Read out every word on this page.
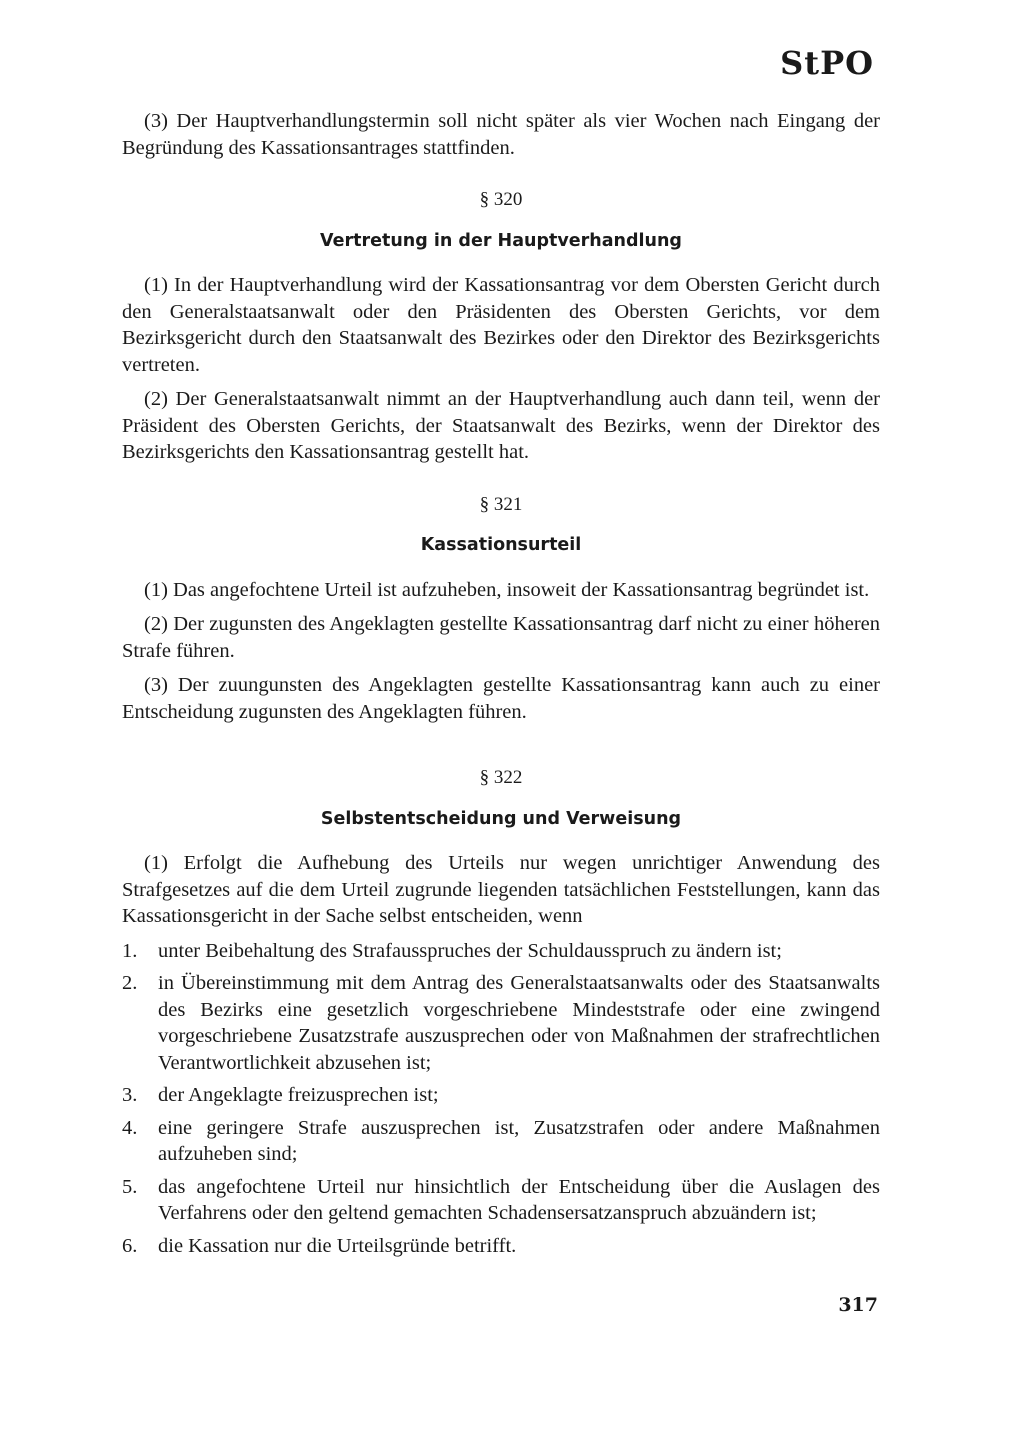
StPO

(3) Der Hauptverhandlungstermin soll nicht später als vier Wochen nach Eingang der Begründung des Kassationsantrages stattfinden.

§ 320
Vertretung in der Hauptverhandlung

(1) In der Hauptverhandlung wird der Kassationsantrag vor dem Obersten Gericht durch den Generalstaatsanwalt oder den Präsidenten des Obersten Gerichts, vor dem Bezirksgericht durch den Staatsanwalt des Bezirkes oder den Direktor des Bezirksgerichts vertreten.

(2) Der Generalstaatsanwalt nimmt an der Hauptverhandlung auch dann teil, wenn der Präsident des Obersten Gerichts, der Staatsanwalt des Bezirks, wenn der Direktor des Bezirksgerichts den Kassationsantrag gestellt hat.

§ 321
Kassationsurteil

(1) Das angefochtene Urteil ist aufzuheben, insoweit der Kassationsantrag begründet ist.

(2) Der zugunsten des Angeklagten gestellte Kassationsantrag darf nicht zu einer höheren Strafe führen.

(3) Der zuungunsten des Angeklagten gestellte Kassationsantrag kann auch zu einer Entscheidung zugunsten des Angeklagten führen.

§ 322
Selbstentscheidung und Verweisung

(1) Erfolgt die Aufhebung des Urteils nur wegen unrichtiger Anwendung des Strafgesetzes auf die dem Urteil zugrunde liegenden tatsächlichen Feststellungen, kann das Kassationsgericht in der Sache selbst entscheiden, wenn

1.	unter Beibehaltung des Strafausspruches der Schuldausspruch zu ändern ist;
2.	in Übereinstimmung mit dem Antrag des Generalstaatsanwalts oder des Staatsanwalts des Bezirks eine gesetzlich vorgeschriebene Mindeststrafe oder eine zwingend vorgeschriebene Zusatzstrafe auszusprechen oder von Maßnahmen der strafrechtlichen Verantwortlichkeit abzusehen ist;
3.	der Angeklagte freizusprechen ist;
4.	eine geringere Strafe auszusprechen ist, Zusatzstrafen oder andere Maßnahmen aufzuheben sind;
5.	das angefochtene Urteil nur hinsichtlich der Entscheidung über die Auslagen des Verfahrens oder den geltend gemachten Schadensersatzanspruch abzuändern ist;
6.	die Kassation nur die Urteilsgründe betrifft.
317
